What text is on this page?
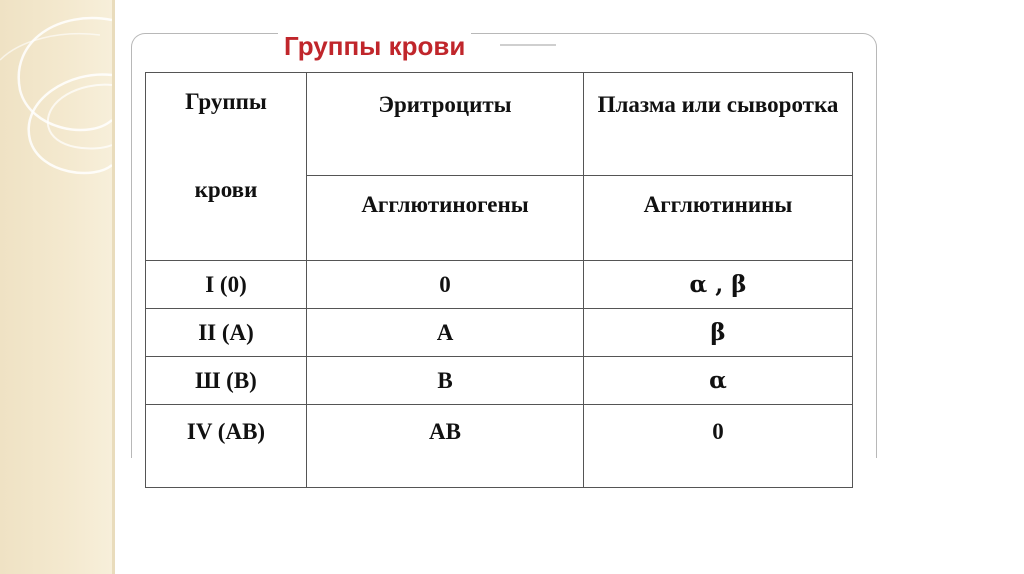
Группы крови
Группы
крови	Эритроциты	Плазма или сыворотка
	Агглютиногены	Агглютинины
I (0)	0	α , β
II (A)	A	β
Ш (B)	B	α
IV (AB)	AB	0
